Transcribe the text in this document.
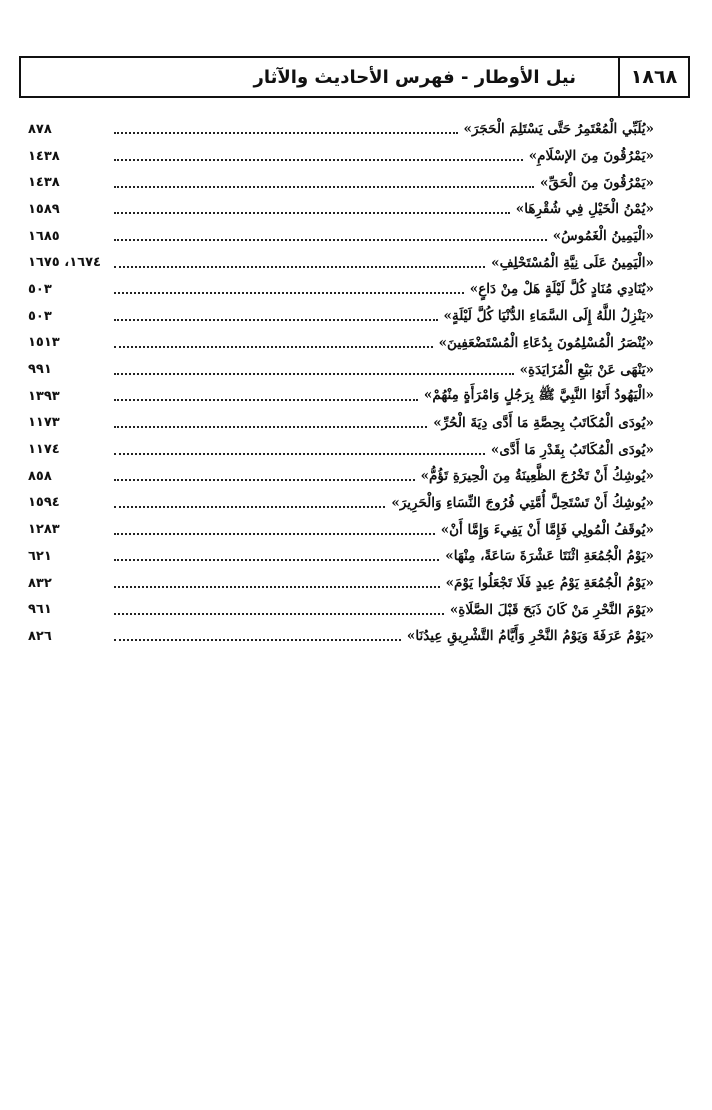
١٨٦٨
نيل الأوطار - فهرس الأحاديث والآثار
«يُلَبِّي الْمُعْتَمِرُ حَتَّى يَسْتَلِمَ الْحَجَرَ»
٨٧٨
«يَمْرُقُونَ مِنَ الإسْلَامِ»
١٤٣٨
«يَمْرُقُونَ مِنَ الْحَقِّ»
١٤٣٨
«يُمْنُ الْخَيْلِ فِي شُقْرِهَا»
١٥٨٩
«الْيَمِينُ الْغَمُوسُ»
١٦٨٥
«الْيَمِينُ عَلَى نِيَّةِ الْمُسْتَحْلِفِ»
١٦٧٤، ١٦٧٥
«يُنَادِي مُنَادٍ كُلَّ لَيْلَةٍ هَلْ مِنْ دَاعٍ»
٥٠٣
«يَنْزِلُ اللَّهُ إِلَى السَّمَاءِ الدُّنْيَا كُلَّ لَيْلَةٍ»
٥٠٣
«يُنْصَرُ الْمُسْلِمُونَ بِدُعَاءِ الْمُسْتَضْعَفِينَ»
١٥١٣
«يَنْهَى عَنْ بَيْعِ الْمُزَايَدَةِ»
٩٩١
«الْيَهُودُ أَتَوُا النَّبِيَّ ﷺ بِرَجُلٍ وَامْرَأَةٍ مِنْهُمْ»
١٣٩٣
«يُودَى الْمُكَاتَبُ بِحِصَّةِ مَا أَدَّى دِيَةَ الْحُرِّ»
١١٧٣
«يُودَى الْمُكَاتَبُ بِقَدْرِ مَا أَدَّى»
١١٧٤
«يُوشِكُ أَنْ تَخْرُجَ الظَّعِينَةُ مِنَ الْحِيرَةِ تَؤُمُّ»
٨٥٨
«يُوشِكُ أَنْ تَسْتَحِلَّ أُمَّتِي فُرُوجَ النِّسَاءِ وَالْحَرِيرَ»
١٥٩٤
«يُوقَفُ الْمُولِي فَإِمَّا أَنْ يَفِيءَ وَإِمَّا أَنْ»
١٢٨٣
«يَوْمُ الْجُمُعَةِ اثْنَتَا عَشْرَةَ سَاعَةً، مِنْهَا»
٦٢١
«يَوْمُ الْجُمُعَةِ يَوْمُ عِيدٍ فَلَا تَجْعَلُوا يَوْمَ»
٨٣٢
«يَوْمَ النَّحْرِ مَنْ كَانَ ذَبَحَ قَبْلَ الصَّلَاةِ»
٩٦١
«يَوْمُ عَرَفَةَ وَيَوْمُ النَّحْرِ وَأَيَّامُ التَّشْرِيقِ عِيدُنَا»
٨٢٦
